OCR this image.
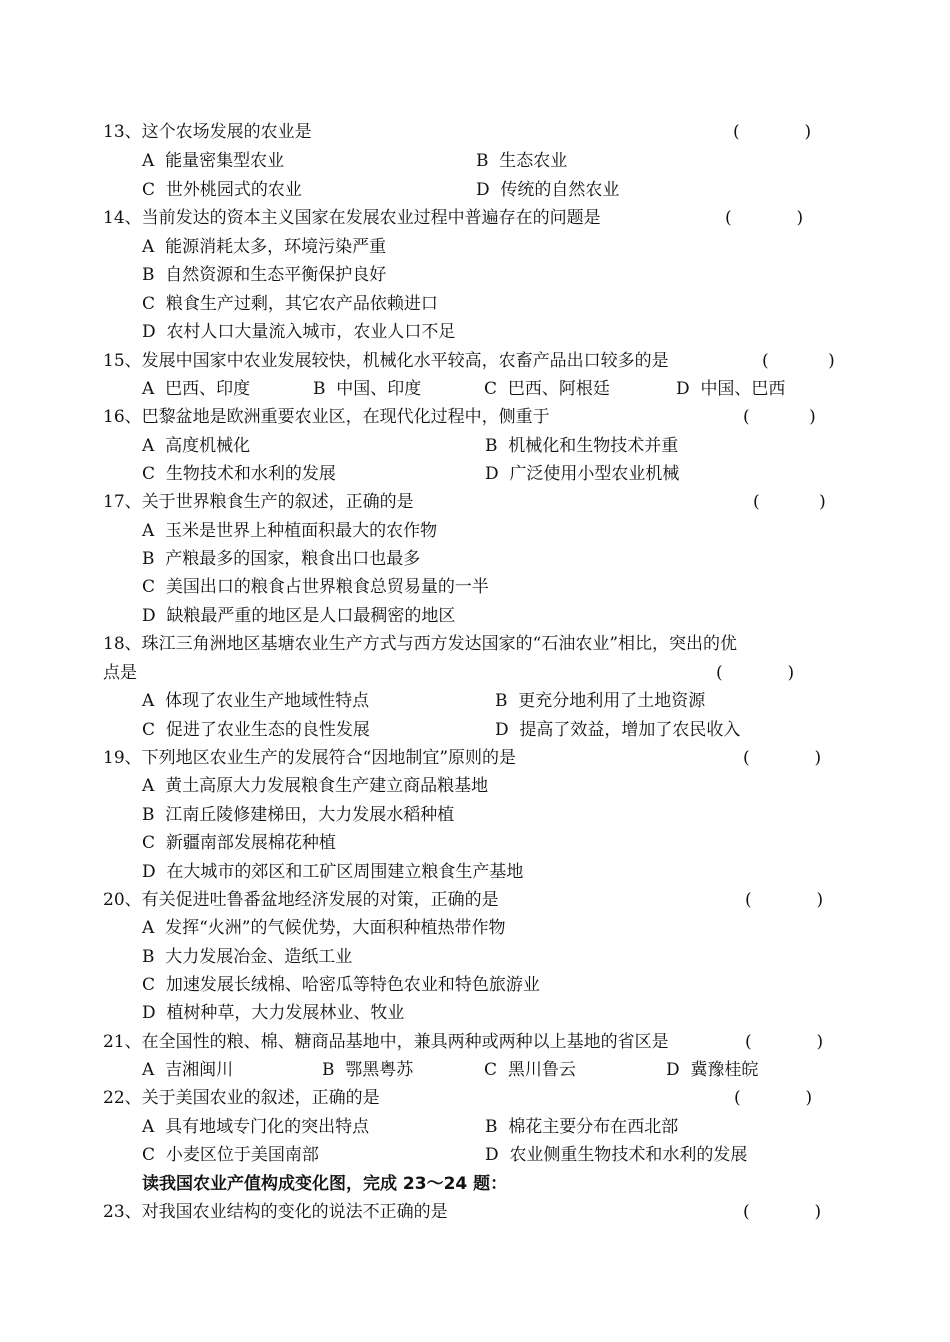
13、这个农场发展的农业是	(            )
A  能量密集型农业	B  生态农业
C  世外桃园式的农业	D  传统的自然农业
14、当前发达的资本主义国家在发展农业过程中普遍存在的问题是	(            )
A  能源消耗太多，环境污染严重
B  自然资源和生态平衡保护良好
C  粮食生产过剩，其它农产品依赖进口
D  农村人口大量流入城市，农业人口不足
15、发展中国家中农业发展较快，机械化水平较高，农畜产品出口较多的是	(           )
A  巴西、印度	B  中国、印度	C  巴西、阿根廷	D  中国、巴西
16、巴黎盆地是欧洲重要农业区，在现代化过程中，侧重于	(           )
A  高度机械化	B  机械化和生物技术并重
C  生物技术和水利的发展	D  广泛使用小型农业机械
17、关于世界粮食生产的叙述，正确的是	(           )
A  玉米是世界上种植面积最大的农作物
B  产粮最多的国家，粮食出口也最多
C  美国出口的粮食占世界粮食总贸易量的一半
D  缺粮最严重的地区是人口最稠密的地区
18、珠江三角洲地区基塘农业生产方式与西方发达国家的“石油农业”相比，突出的优
点是	(            )
A  体现了农业生产地域性特点	B  更充分地利用了土地资源
C  促进了农业生态的良性发展	D  提高了效益，增加了农民收入
19、下列地区农业生产的发展符合“因地制宜”原则的是	(            )
A  黄土高原大力发展粮食生产建立商品粮基地
B  江南丘陵修建梯田，大力发展水稻种植
C  新疆南部发展棉花种植
D  在大城市的郊区和工矿区周围建立粮食生产基地
20、有关促进吐鲁番盆地经济发展的对策，正确的是	(            )
A  发挥“火洲”的气候优势，大面积种植热带作物
B  大力发展冶金、造纸工业
C  加速发展长绒棉、哈密瓜等特色农业和特色旅游业
D  植树种草，大力发展林业、牧业
21、在全国性的粮、棉、糖商品基地中，兼具两种或两种以上基地的省区是	(            )
A  吉湘闽川	B  鄂黑粤苏	C  黑川鲁云	D  冀豫桂皖
22、关于美国农业的叙述，正确的是	(            )
A  具有地域专门化的突出特点	B  棉花主要分布在西北部
C  小麦区位于美国南部	D  农业侧重生物技术和水利的发展
读我国农业产值构成变化图，完成 23～24 题：
23、对我国农业结构的变化的说法不正确的是	(            )
